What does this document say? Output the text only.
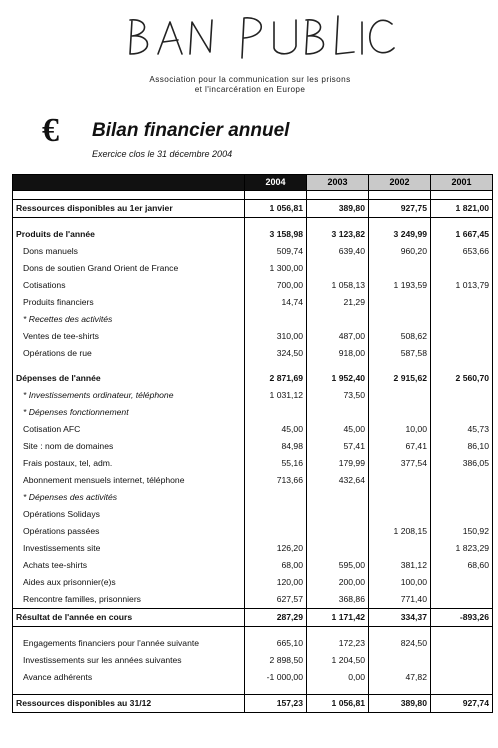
Association pour la communication sur les prisons
et l'incarcération en Europe
€ Bilan financier annuel
Exercice clos le 31 décembre 2004
	2004	2003	2002	2001

Ressources disponibles au 1er janvier	1 056,81	389,80	927,75	1 821,00

Produits de l'année	3 158,98	3 123,82	3 249,99	1 667,45
Dons manuels	509,74	639,40	960,20	653,66
Dons de soutien Grand Orient de France	1 300,00			
Cotisations	700,00	1 058,13	1 193,59	1 013,79
Produits financiers	14,74	21,29		
* Recettes des activités				
Ventes de tee-shirts	310,00	487,00	508,62	
Opérations de rue	324,50	918,00	587,58	

Dépenses de l'année	2 871,69	1 952,40	2 915,62	2 560,70
* Investissements ordinateur, téléphone	1 031,12	73,50		
* Dépenses fonctionnement				
Cotisation AFC	45,00	45,00	10,00	45,73
Site : nom de domaines	84,98	57,41	67,41	86,10
Frais postaux, tel, adm.	55,16	179,99	377,54	386,05
Abonnement mensuels internet, téléphone	713,66	432,64		
* Dépenses des activités				
Opérations Solidays				
Opérations passées			1 208,15	150,92
Investissements site	126,20			1 823,29
Achats tee-shirts	68,00	595,00	381,12	68,60
Aides aux prisonnier(e)s	120,00	200,00	100,00	
Rencontre familles, prisonniers	627,57	368,86	771,40	
Résultat de l'année en cours	287,29	1 171,42	334,37	-893,26

Engagements financiers pour l'année suivante	665,10	172,23	824,50	
Investissements sur les années suivantes	2 898,50	1 204,50		
Avance adhérents	-1 000,00	0,00	47,82	

Ressources disponibles au 31/12	157,23	1 056,81	389,80	927,74
